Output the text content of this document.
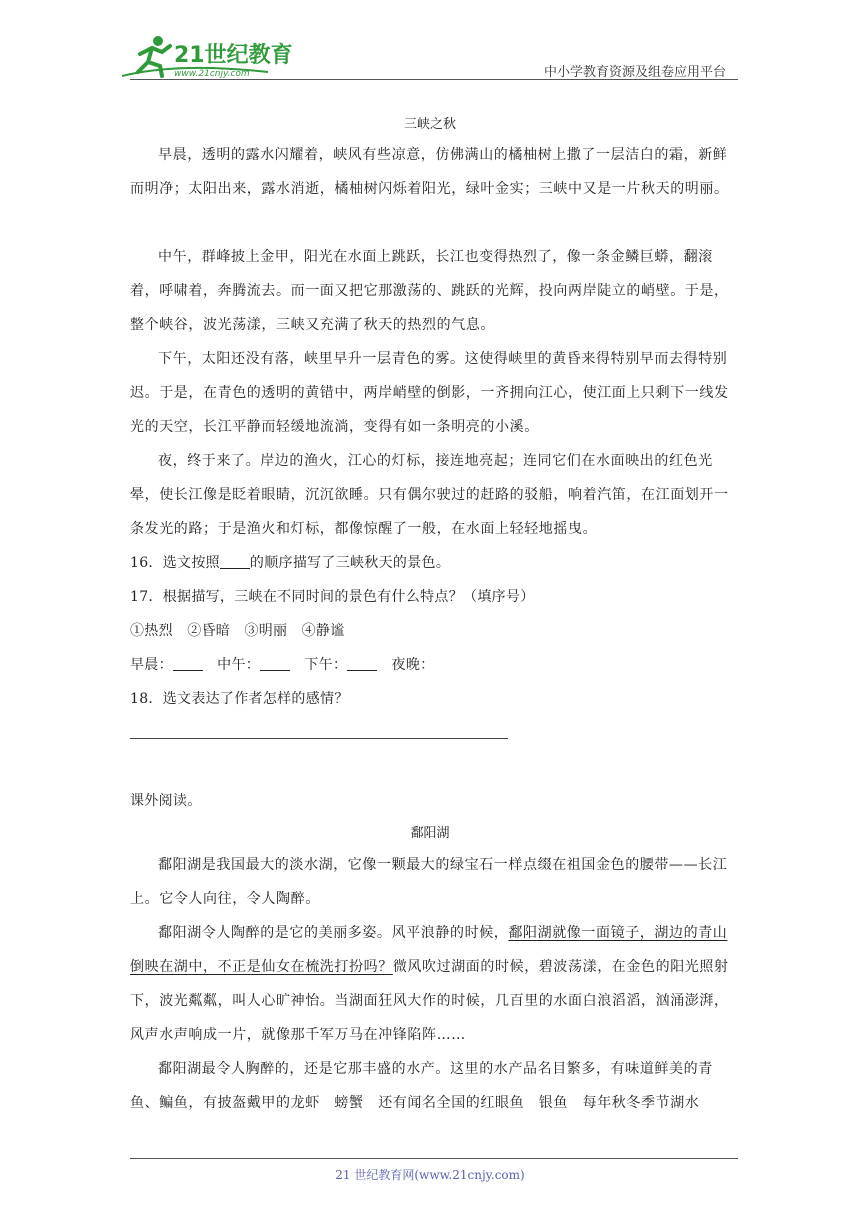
21世纪教育
www.21cnjy.com	中小学教育资源及组卷应用平台
三峡之秋

早晨，透明的露水闪耀着，峡风有些凉意，仿佛满山的橘柚树上撒了一层洁白的霜，新鲜而明净；太阳出来，露水消逝，橘柚树闪烁着阳光，绿叶金实；三峡中又是一片秋天的明丽。

中午，群峰披上金甲，阳光在水面上跳跃，长江也变得热烈了，像一条金鳞巨蟒，翻滚着，呼啸着，奔腾流去。而一面又把它那激荡的、跳跃的光辉，投向两岸陡立的峭壁。于是，整个峡谷，波光荡漾，三峡又充满了秋天的热烈的气息。

下午，太阳还没有落，峡里早升一层青色的雾。这使得峡里的黄昏来得特别早而去得特别迟。于是，在青色的透明的黄错中，两岸峭壁的倒影，一齐拥向江心，使江面上只剩下一线发光的天空，长江平静而轻缓地流淌，变得有如一条明亮的小溪。

夜，终于来了。岸边的渔火，江心的灯标，接连地亮起；连同它们在水面映出的红色光晕，使长江像是眨着眼睛，沉沉欲睡。只有偶尔驶过的赶路的驳船，响着汽笛，在江面划开一条发光的路；于是渔火和灯标，都像惊醒了一般，在水面上轻轻地摇曳。

16．选文按照 的顺序描写了三峡秋天的景色。
17．根据描写，三峡在不同时间的景色有什么特点？（填序号）
①热烈　②昏暗　③明丽　④静谧
早晨：	中午：	下午：	夜晚：
18．选文表达了作者怎样的感情？
课外阅读。
鄱阳湖

鄱阳湖是我国最大的淡水湖，它像一颗最大的绿宝石一样点缀在祖国金色的腰带——长江上。它令人向往，令人陶醉。

鄱阳湖令人陶醉的是它的美丽多姿。风平浪静的时候，鄱阳湖就像一面镜子，湖边的青山倒映在湖中，不正是仙女在梳洗打扮吗？微风吹过湖面的时候，碧波荡漾，在金色的阳光照射下，波光粼粼，叫人心旷神怡。当湖面狂风大作的时候，几百里的水面白浪滔滔，汹涌澎湃，风声水声响成一片，就像那千军万马在冲锋陷阵……

鄱阳湖最令人胸醉的，还是它那丰盛的水产。这里的水产品名目繁多，有味道鲜美的青鱼、鳊鱼，有披盔戴甲的龙虾　螃蟹　还有闻名全国的红眼鱼　银鱼　每年秋冬季节湖水

21 世纪教育网(www.21cnjy.com)
